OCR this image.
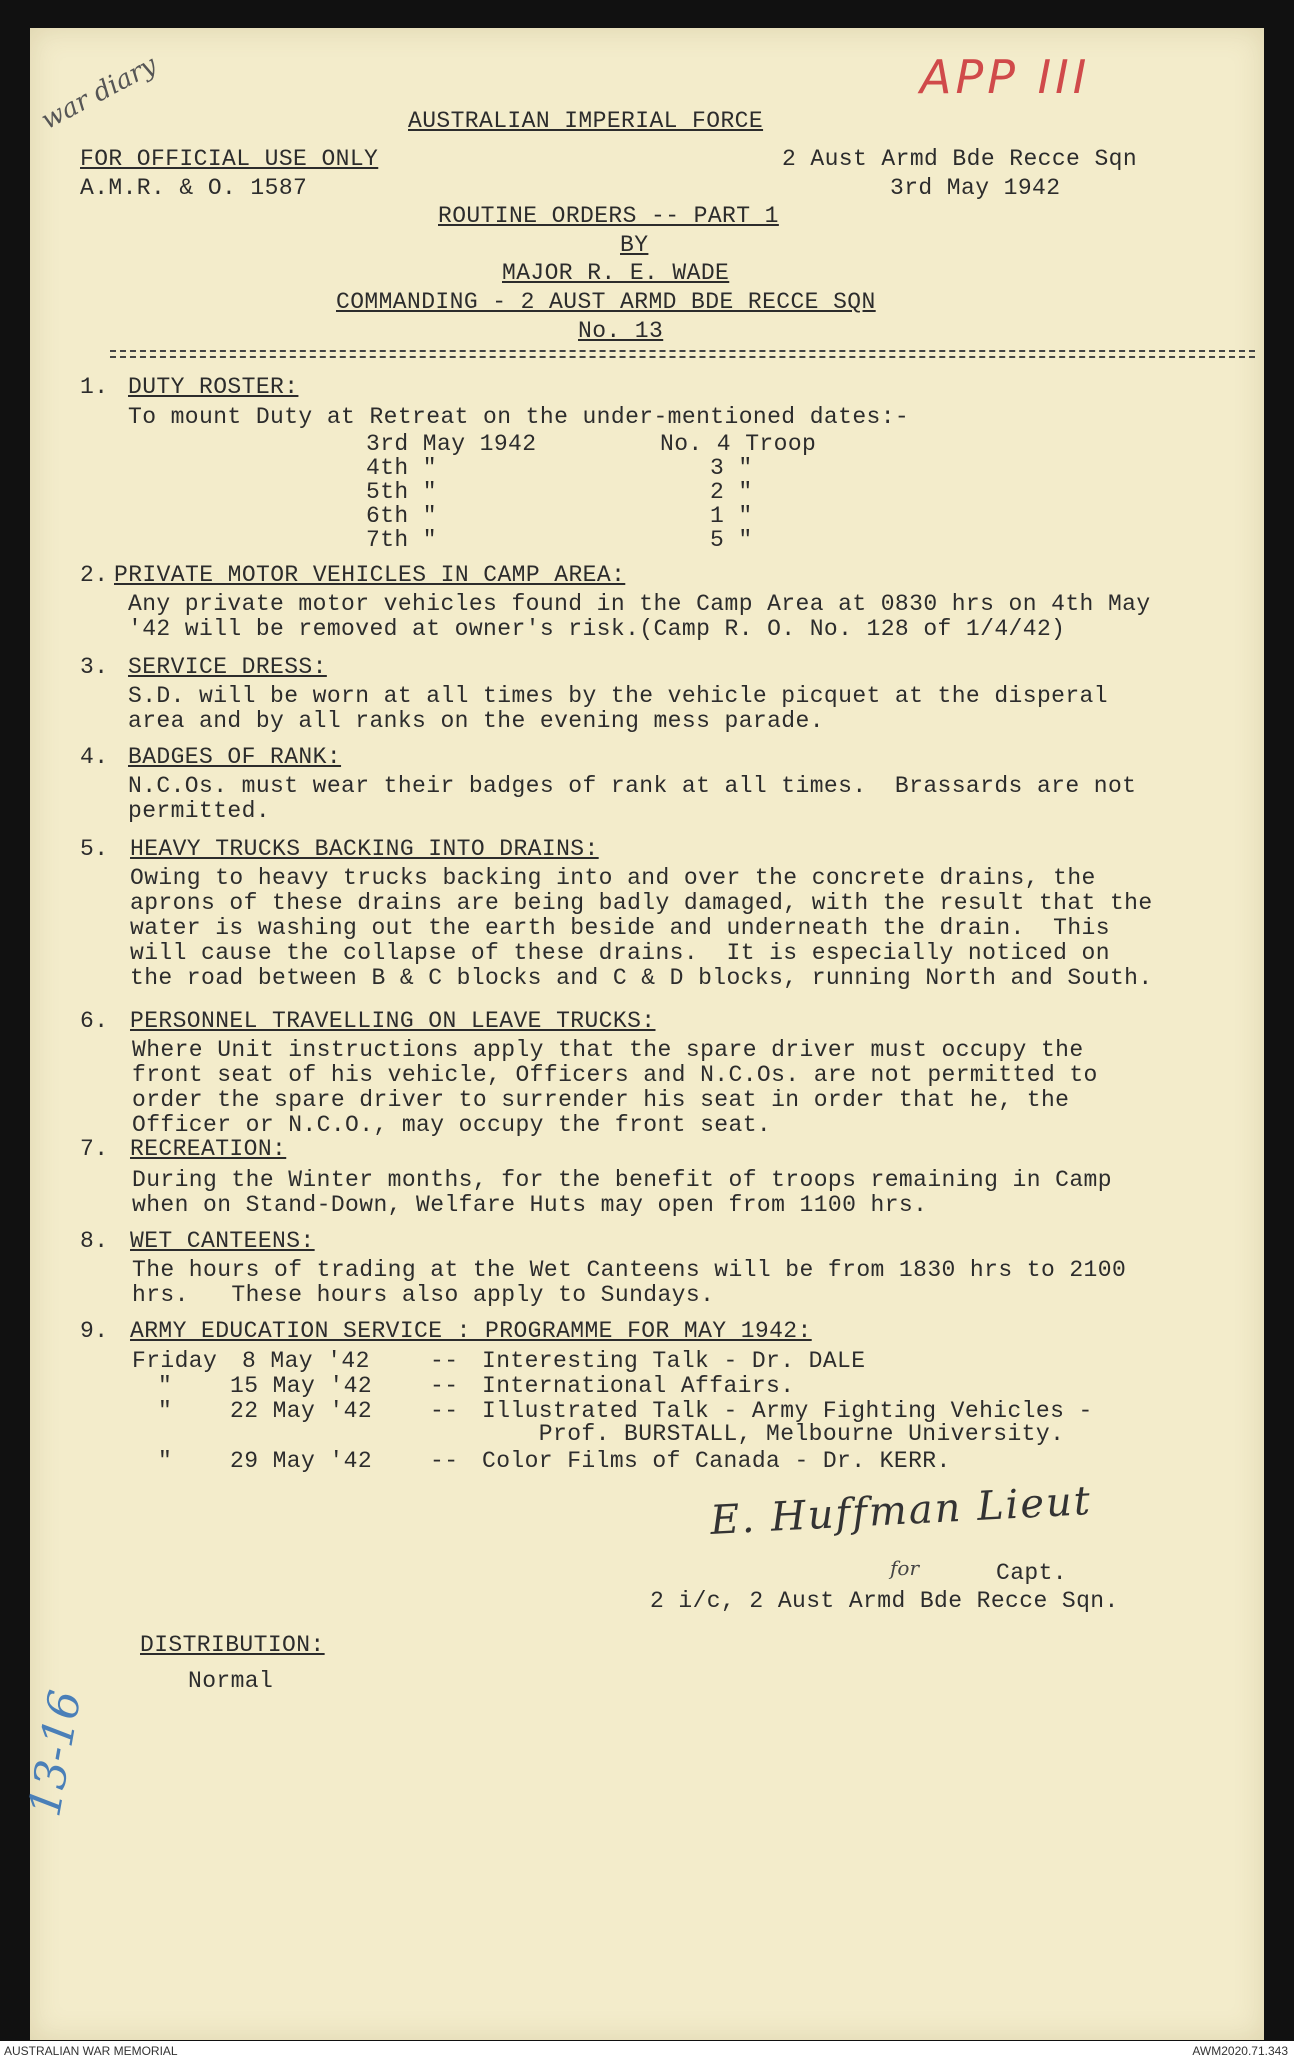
war diary	APP III
13-16
AUSTRALIAN IMPERIAL FORCE
FOR OFFICIAL USE ONLY
A.M.R. & O. 1587
2 Aust Armd Bde Recce Sqn
3rd May 1942
ROUTINE ORDERS -- PART 1
BY
MAJOR R. E. WADE
COMMANDING - 2 AUST ARMD BDE RECCE SQN
No. 13
1. DUTY ROSTER:
To mount Duty at Retreat on the under-mentioned dates:-
3rd May 1942	No. 4 Troop
4th "	3 "
5th "	2 "
6th "	1 "
7th "	5 "
2. PRIVATE MOTOR VEHICLES IN CAMP AREA:
Any private motor vehicles found in the Camp Area at 0830 hrs on 4th May
'42 will be removed at owner's risk.(Camp R. O. No. 128 of 1/4/42)
3. SERVICE DRESS:
S.D. will be worn at all times by the vehicle picquet at the disperal
area and by all ranks on the evening mess parade.
4. BADGES OF RANK:
N.C.Os. must wear their badges of rank at all times.  Brassards are not
permitted.
5. HEAVY TRUCKS BACKING INTO DRAINS:
Owing to heavy trucks backing into and over the concrete drains, the
aprons of these drains are being badly damaged, with the result that the
water is washing out the earth beside and underneath the drain.  This
will cause the collapse of these drains.  It is especially noticed on
the road between B & C blocks and C & D blocks, running North and South.
6. PERSONNEL TRAVELLING ON LEAVE TRUCKS:
Where Unit instructions apply that the spare driver must occupy the
front seat of his vehicle, Officers and N.C.Os. are not permitted to
order the spare driver to surrender his seat in order that he, the
Officer or N.C.O., may occupy the front seat.
7. RECREATION:
During the Winter months, for the benefit of troops remaining in Camp
when on Stand-Down, Welfare Huts may open from 1100 hrs.
8. WET CANTEENS:
The hours of trading at the Wet Canteens will be from 1830 hrs to 2100
hrs.   These hours also apply to Sundays.
9. ARMY EDUCATION SERVICE : PROGRAMME FOR MAY 1942:
Friday 8 May '42	-- Interesting Talk - Dr. DALE
"	15 May '42	-- International Affairs.
"	22 May '42	-- Illustrated Talk - Army Fighting Vehicles -
Prof. BURSTALL, Melbourne University.
"	29 May '42	-- Color Films of Canada - Dr. KERR.
E. Huffman Lieut
for	Capt.
2 i/c, 2 Aust Armd Bde Recce Sqn.
DISTRIBUTION:
Normal
AUSTRALIAN WAR MEMORIAL	AWM2020.71.343
